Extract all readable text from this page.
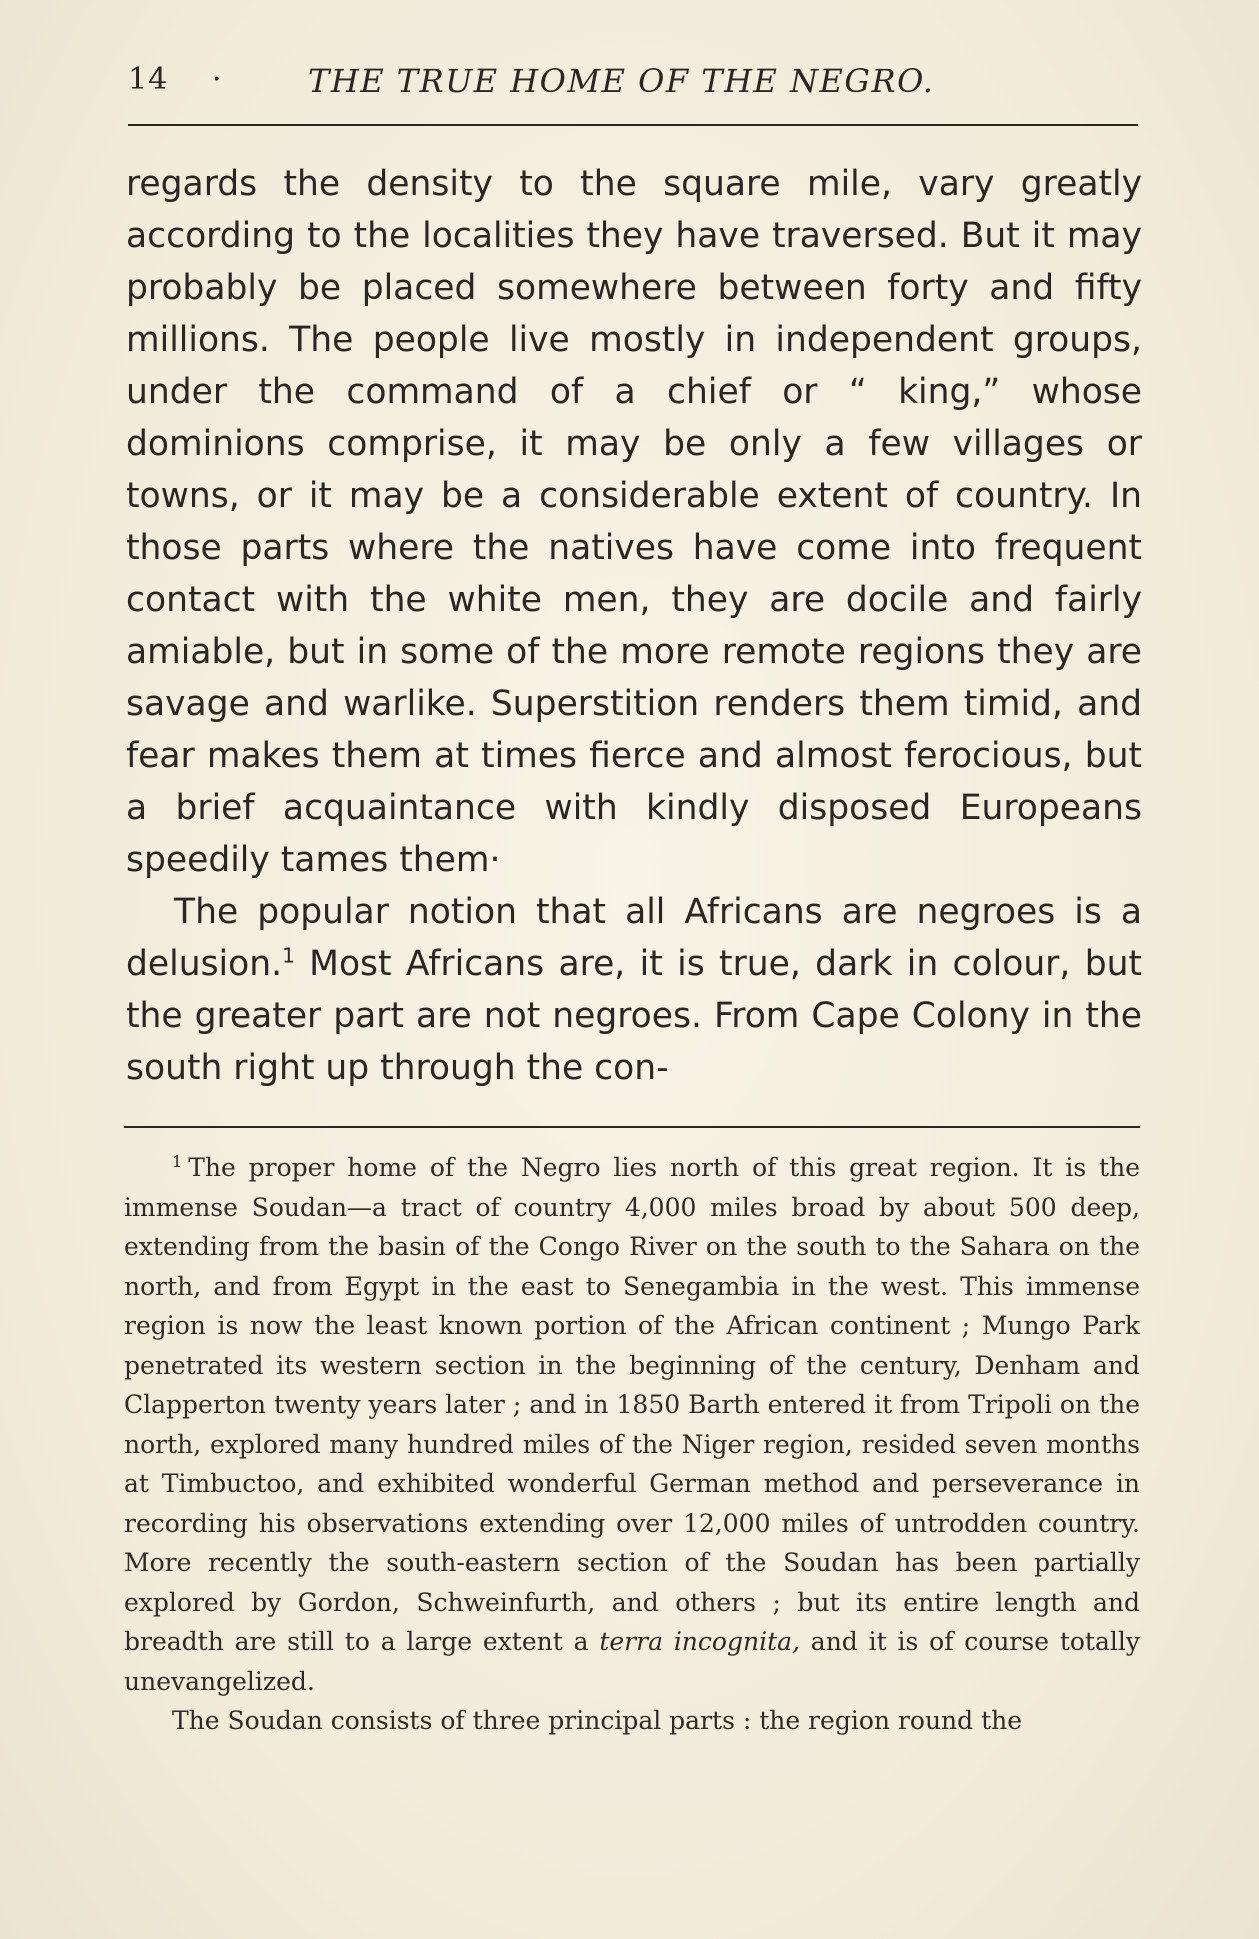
14 ·	THE TRUE HOME OF THE NEGRO.

regards the density to the square mile, vary greatly according to the localities they have traversed. But it may probably be placed somewhere between forty and fifty millions. The people live mostly in independent groups, under the command of a chief or “ king,” whose dominions comprise, it may be only a few villages or towns, or it may be a considerable extent of country. In those parts where the natives have come into frequent contact with the white men, they are docile and fairly amiable, but in some of the more remote regions they are savage and warlike. Superstition renders them timid, and fear makes them at times fierce and almost ferocious, but a brief acquaintance with kindly disposed Europeans speedily tames them·

The popular notion that all Africans are negroes is a delusion.$^1$ Most Africans are, it is true, dark in colour, but the greater part are not negroes. From Cape Colony in the south right up through the con-

$^1$ The proper home of the Negro lies north of this great region. It is the immense Soudan—a tract of country 4,000 miles broad by about 500 deep, extending from the basin of the Congo River on the south to the Sahara on the north, and from Egypt in the east to Senegambia in the west. This immense region is now the least known portion of the African continent ; Mungo Park penetrated its western section in the beginning of the century, Denham and Clapperton twenty years later ; and in 1850 Barth entered it from Tripoli on the north, explored many hundred miles of the Niger region, resided seven months at Timbuctoo, and exhibited wonderful German method and perseverance in recording his observations extending over 12,000 miles of untrodden country. More recently the south-eastern section of the Soudan has been partially explored by Gordon, Schweinfurth, and others ; but its entire length and breadth are still to a large extent a terra incognita, and it is of course totally unevangelized.

The Soudan consists of three principal parts : the region round the
